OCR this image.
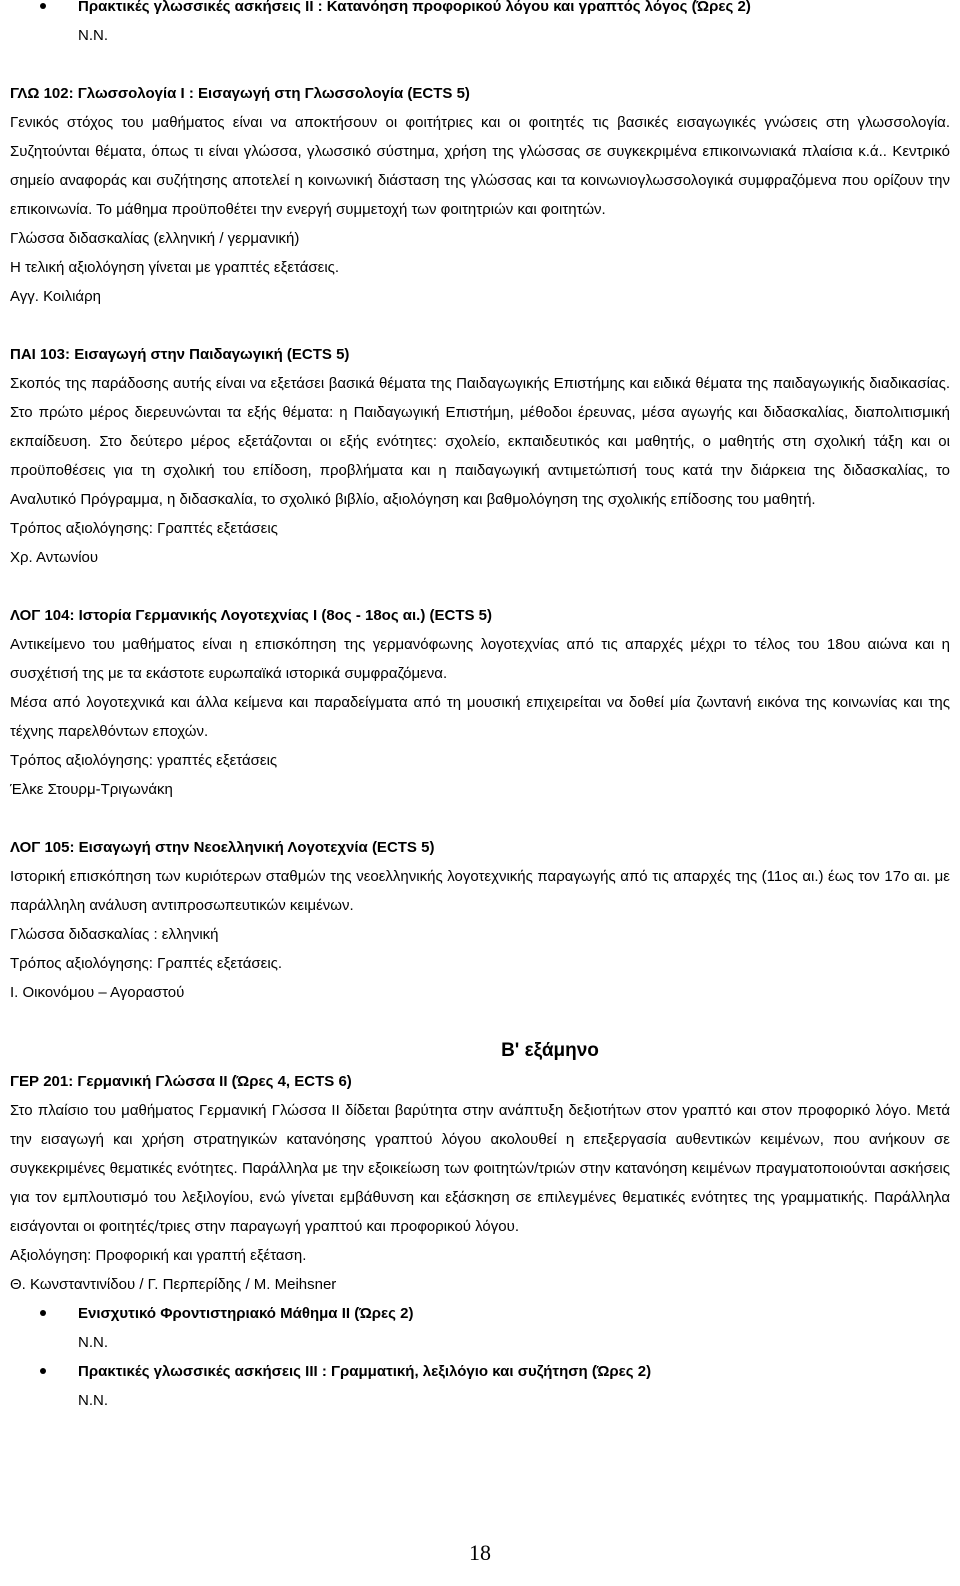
Πρακτικές γλωσσικές ασκήσεις ΙΙ : Κατανόηση προφορικού λόγου και γραπτός λόγος (Ώρες 2)
Ν.Ν.
ΓΛΩ 102: Γλωσσολογία Ι : Εισαγωγή στη Γλωσσολογία (ECTS 5)
Γενικός στόχος του μαθήματος είναι να αποκτήσουν οι φοιτήτριες και οι φοιτητές τις βασικές εισαγωγικές γνώσεις στη γλωσσολογία. Συζητούνται θέματα, όπως τι είναι γλώσσα, γλωσσικό σύστημα, χρήση της γλώσσας σε συγκεκριμένα επικοινωνιακά πλαίσια κ.ά.. Κεντρικό σημείο αναφοράς και συζήτησης αποτελεί η κοινωνική διάσταση της γλώσσας και τα κοινωνιογλωσσολογικά συμφραζόμενα που ορίζουν την επικοινωνία. Το μάθημα προϋποθέτει την ενεργή συμμετοχή των φοιτητριών και φοιτητών.
Γλώσσα διδασκαλίας (ελληνική / γερμανική)
Η τελική αξιολόγηση γίνεται με γραπτές εξετάσεις.
Αγγ. Κοιλιάρη
ΠΑΙ 103: Εισαγωγή στην Παιδαγωγική (ECTS 5)
Σκοπός της παράδοσης αυτής είναι να εξετάσει βασικά θέματα της Παιδαγωγικής Επιστήμης και ειδικά θέματα της παιδαγωγικής διαδικασίας. Στο πρώτο μέρος διερευνώνται τα εξής θέματα: η Παιδαγωγική Επιστήμη, μέθοδοι έρευνας, μέσα αγωγής και διδασκαλίας, διαπολιτισμική εκπαίδευση. Στο δεύτερο μέρος εξετάζονται οι εξής ενότητες: σχολείο, εκπαιδευτικός και μαθητής, ο μαθητής στη σχολική τάξη και οι προϋποθέσεις για τη σχολική του επίδοση, προβλήματα και η παιδαγωγική αντιμετώπισή τους κατά την διάρκεια της διδασκαλίας, το Αναλυτικό Πρόγραμμα, η διδασκαλία, το σχολικό βιβλίο, αξιολόγηση και βαθμολόγηση της σχολικής επίδοσης του μαθητή.
Τρόπος αξιολόγησης: Γραπτές εξετάσεις
Χρ. Αντωνίου
ΛΟΓ 104: Ιστορία Γερμανικής Λογοτεχνίας Ι (8ος - 18ος αι.) (ECTS 5)
Αντικείμενο του μαθήματος είναι η επισκόπηση της γερμανόφωνης λογοτεχνίας από τις απαρχές μέχρι το τέλος του 18ου αιώνα και η συσχέτισή της με τα εκάστοτε ευρωπαϊκά ιστορικά συμφραζόμενα.
Μέσα από λογοτεχνικά και άλλα κείμενα και παραδείγματα από τη μουσική επιχειρείται να δοθεί μία ζωντανή εικόνα της κοινωνίας και της τέχνης παρελθόντων εποχών.
Τρόπος αξιολόγησης: γραπτές εξετάσεις
Έλκε Στουρμ-Τριγωνάκη
ΛΟΓ 105: Εισαγωγή στην Νεοελληνική Λογοτεχνία (ECTS 5)
Ιστορική επισκόπηση των κυριότερων σταθμών της νεοελληνικής λογοτεχνικής παραγωγής από τις απαρχές της (11ος αι.) έως τον 17ο αι. με παράλληλη ανάλυση αντιπροσωπευτικών κειμένων.
Γλώσσα διδασκαλίας : ελληνική
Τρόπος αξιολόγησης: Γραπτές εξετάσεις.
Ι. Οικονόμου – Αγοραστού
Β' εξάμηνο
ΓΕΡ 201: Γερμανική Γλώσσα ΙΙ (Ώρες 4, ECTS 6)
Στο πλαίσιο του μαθήματος Γερμανική Γλώσσα ΙΙ δίδεται βαρύτητα στην ανάπτυξη δεξιοτήτων στον γραπτό και στον προφορικό λόγο. Μετά την εισαγωγή και χρήση στρατηγικών κατανόησης γραπτού λόγου ακολουθεί η επεξεργασία αυθεντικών κειμένων, που ανήκουν σε συγκεκριμένες θεματικές ενότητες. Παράλληλα με την εξοικείωση των φοιτητών/τριών στην κατανόηση κειμένων πραγματοποιούνται ασκήσεις για τον εμπλουτισμό του λεξιλογίου, ενώ γίνεται εμβάθυνση και εξάσκηση σε επιλεγμένες θεματικές ενότητες της γραμματικής. Παράλληλα εισάγονται οι φοιτητές/τριες στην παραγωγή γραπτού και προφορικού λόγου.
Αξιολόγηση: Προφορική και γραπτή εξέταση.
Θ. Κωνσταντινίδου / Γ. Περπερίδης / Μ. Meihsner
Ενισχυτικό Φροντιστηριακό Μάθημα ΙΙ (Ώρες 2)
Ν.Ν.
Πρακτικές γλωσσικές ασκήσεις ΙΙΙ : Γραμματική, λεξιλόγιο και συζήτηση (Ώρες 2)
Ν.Ν.
18
